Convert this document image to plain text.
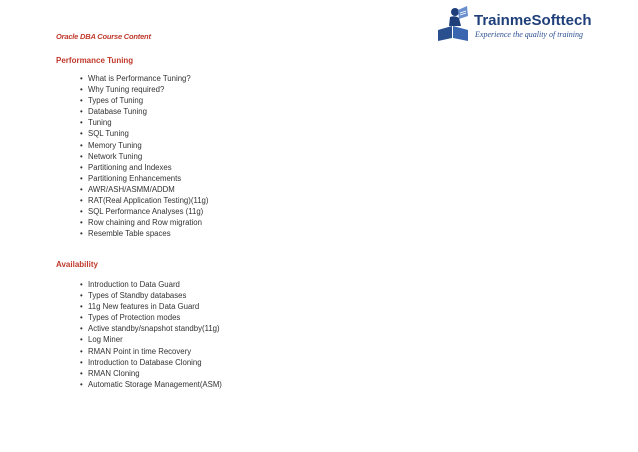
Oracle DBA Course Content
TrainmeSofttech
Experience the quality of training
Performance Tuning
• What is Performance Tuning?
• Why Tuning required?
• Types of Tuning
• Database Tuning
• Tuning
• SQL Tuning
• Memory Tuning
• Network Tuning
• Partitioning and Indexes
• Partitioning Enhancements
• AWR/ASH/ASMM/ADDM
• RAT(Real Application Testing)(11g)
• SQL Performance Analyses (11g)
• Row chaining and Row migration
• Resemble Table spaces
Availability
• Introduction to Data Guard
• Types of Standby databases
• 11g New features in Data Guard
• Types of Protection modes
• Active standby/snapshot standby(11g)
• Log Miner
• RMAN Point in time Recovery
• Introduction to Database Cloning
• RMAN Cloning
• Automatic Storage Management(ASM)
